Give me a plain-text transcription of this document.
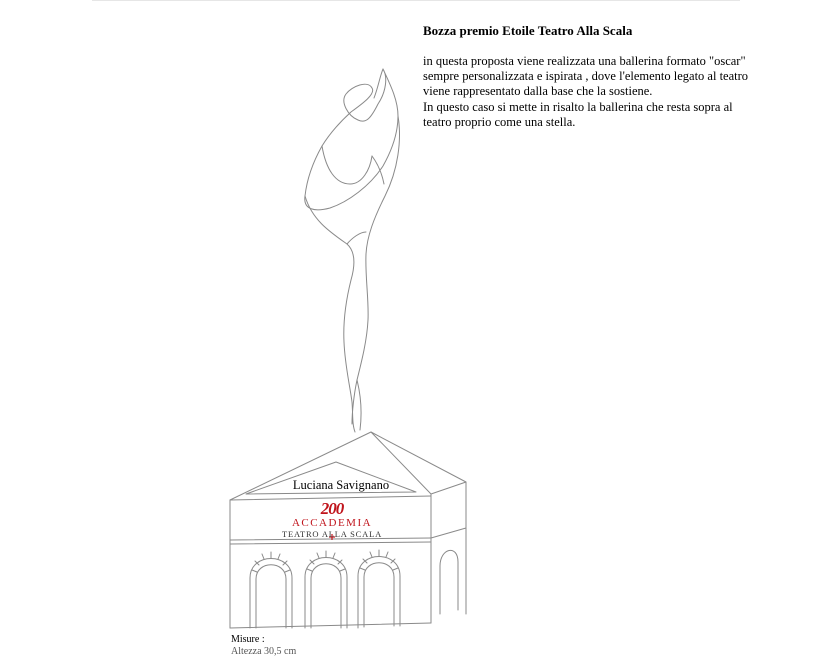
Bozza premio Etoile Teatro Alla Scala

in questa proposta viene realizzata una ballerina formato "oscar" sempre personalizzata e ispirata , dove l'elemento legato al teatro viene rappresentato dalla base che la sostiene.

In questo caso si mette in risalto la ballerina che resta sopra al teatro proprio come una stella.

Luciana Savignano
200
ACCADEMIA
TEATRO ALLA SCALA
Misure :
Altezza 30,5 cm
